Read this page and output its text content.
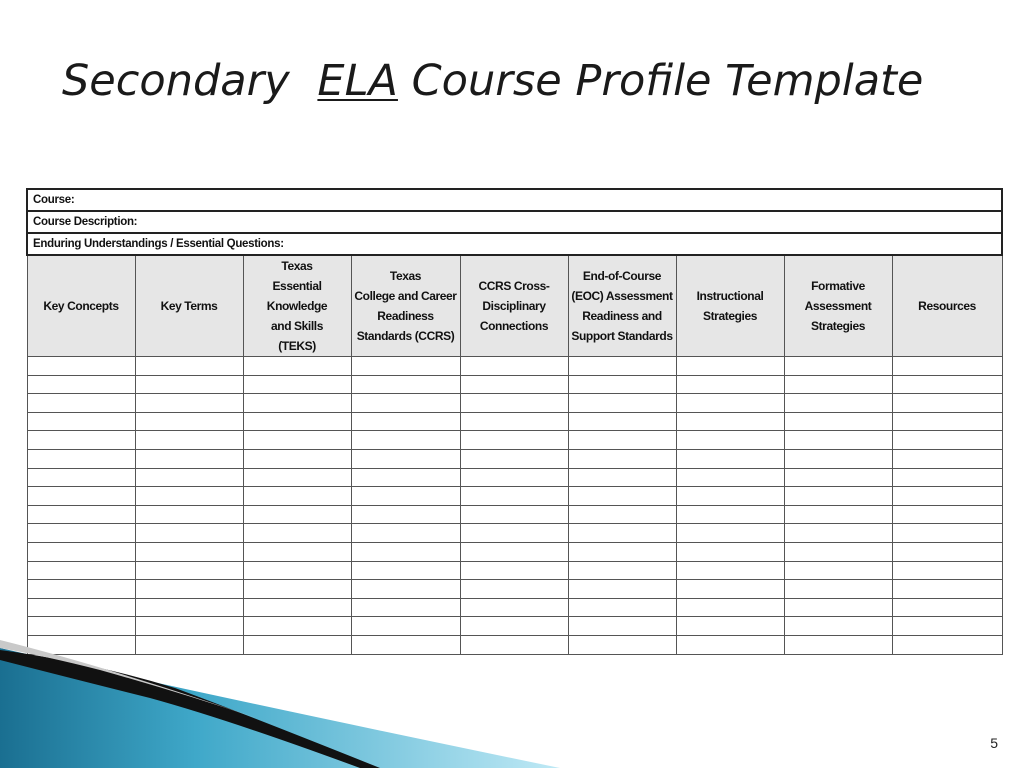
Secondary ELA Course Profile Template
Course:								
Course Description:								
Enduring Understandings / Essential Questions:								
Key Concepts	Key Terms	Texas
Essential
Knowledge
and Skills
(TEKS)	Texas
College and Career
Readiness
Standards (CCRS)	CCRS Cross-
Disciplinary
Connections	End-of-Course
(EOC) Assessment
Readiness and
Support Standards	Instructional
Strategies	Formative
Assessment
Strategies	Resources

5
